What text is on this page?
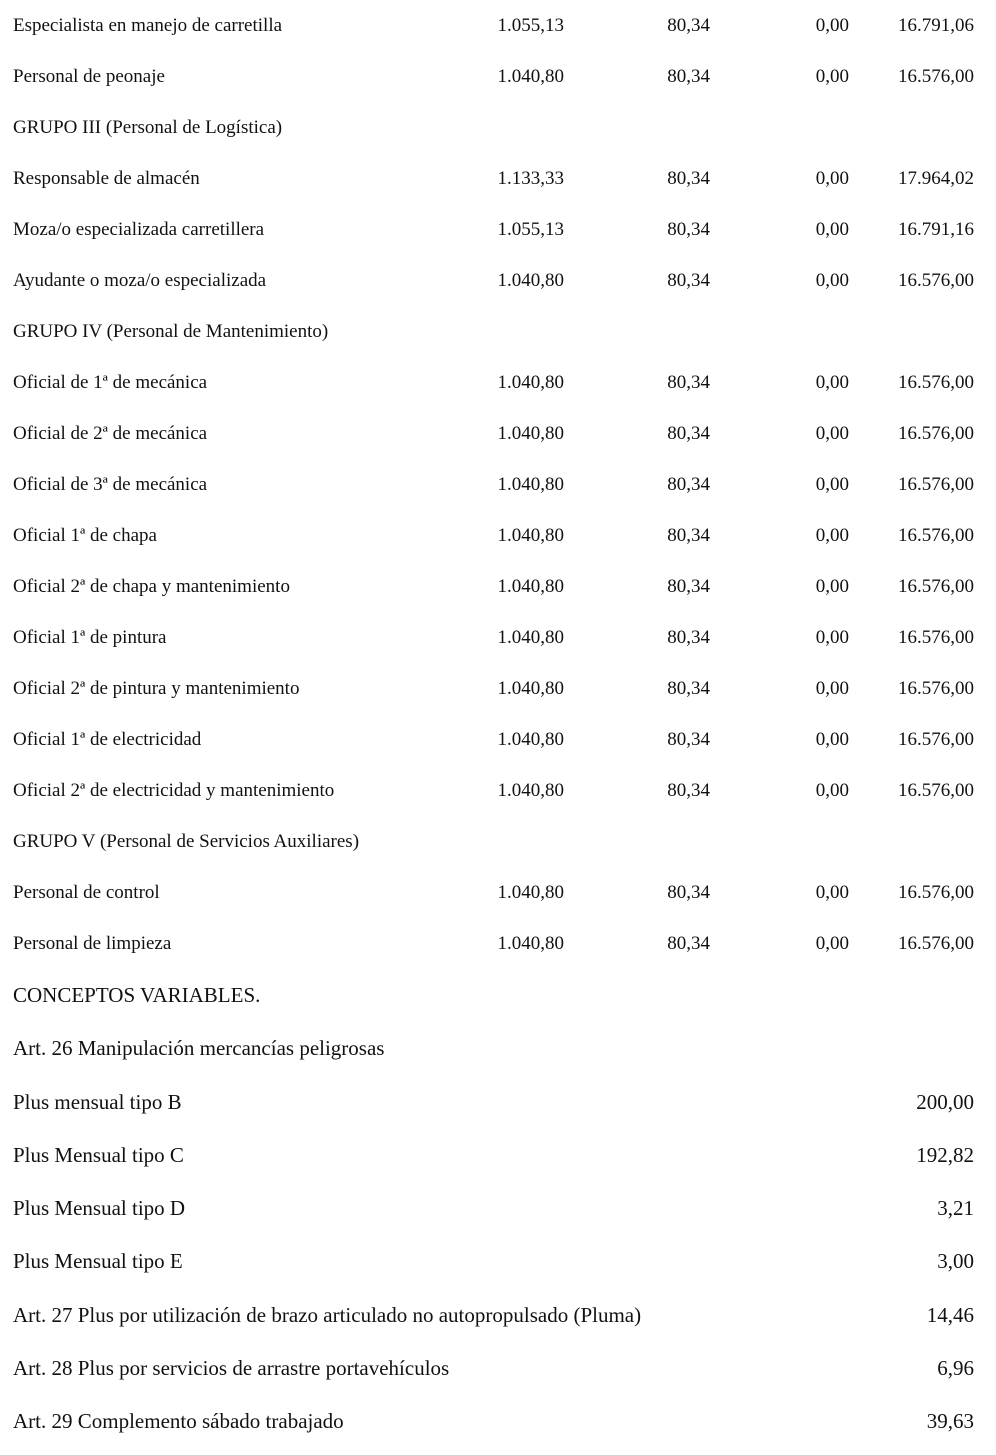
Especialista en manejo de carretilla	1.055,13	80,34	0,00	16.791,06
Personal de peonaje	1.040,80	80,34	0,00	16.576,00
GRUPO III (Personal de Logística)
Responsable de almacén	1.133,33	80,34	0,00	17.964,02
Moza/o especializada carretillera	1.055,13	80,34	0,00	16.791,16
Ayudante o moza/o especializada	1.040,80	80,34	0,00	16.576,00
GRUPO IV (Personal de Mantenimiento)
Oficial de 1ª de mecánica	1.040,80	80,34	0,00	16.576,00
Oficial de 2ª de mecánica	1.040,80	80,34	0,00	16.576,00
Oficial de 3ª de mecánica	1.040,80	80,34	0,00	16.576,00
Oficial 1ª de chapa	1.040,80	80,34	0,00	16.576,00
Oficial 2ª de chapa y mantenimiento	1.040,80	80,34	0,00	16.576,00
Oficial 1ª de pintura	1.040,80	80,34	0,00	16.576,00
Oficial 2ª de pintura y mantenimiento	1.040,80	80,34	0,00	16.576,00
Oficial 1ª de electricidad	1.040,80	80,34	0,00	16.576,00
Oficial 2ª de electricidad y mantenimiento	1.040,80	80,34	0,00	16.576,00
GRUPO V (Personal de Servicios Auxiliares)
Personal de control	1.040,80	80,34	0,00	16.576,00
Personal de limpieza	1.040,80	80,34	0,00	16.576,00
CONCEPTOS VARIABLES.
Art. 26 Manipulación mercancías peligrosas
Plus mensual tipo B	200,00
Plus Mensual tipo C	192,82
Plus Mensual tipo D	3,21
Plus Mensual tipo E	3,00
Art. 27 Plus por utilización de brazo articulado no autopropulsado (Pluma)	14,46
Art. 28 Plus por servicios de arrastre portavehículos	6,96
Art. 29 Complemento sábado trabajado	39,63
